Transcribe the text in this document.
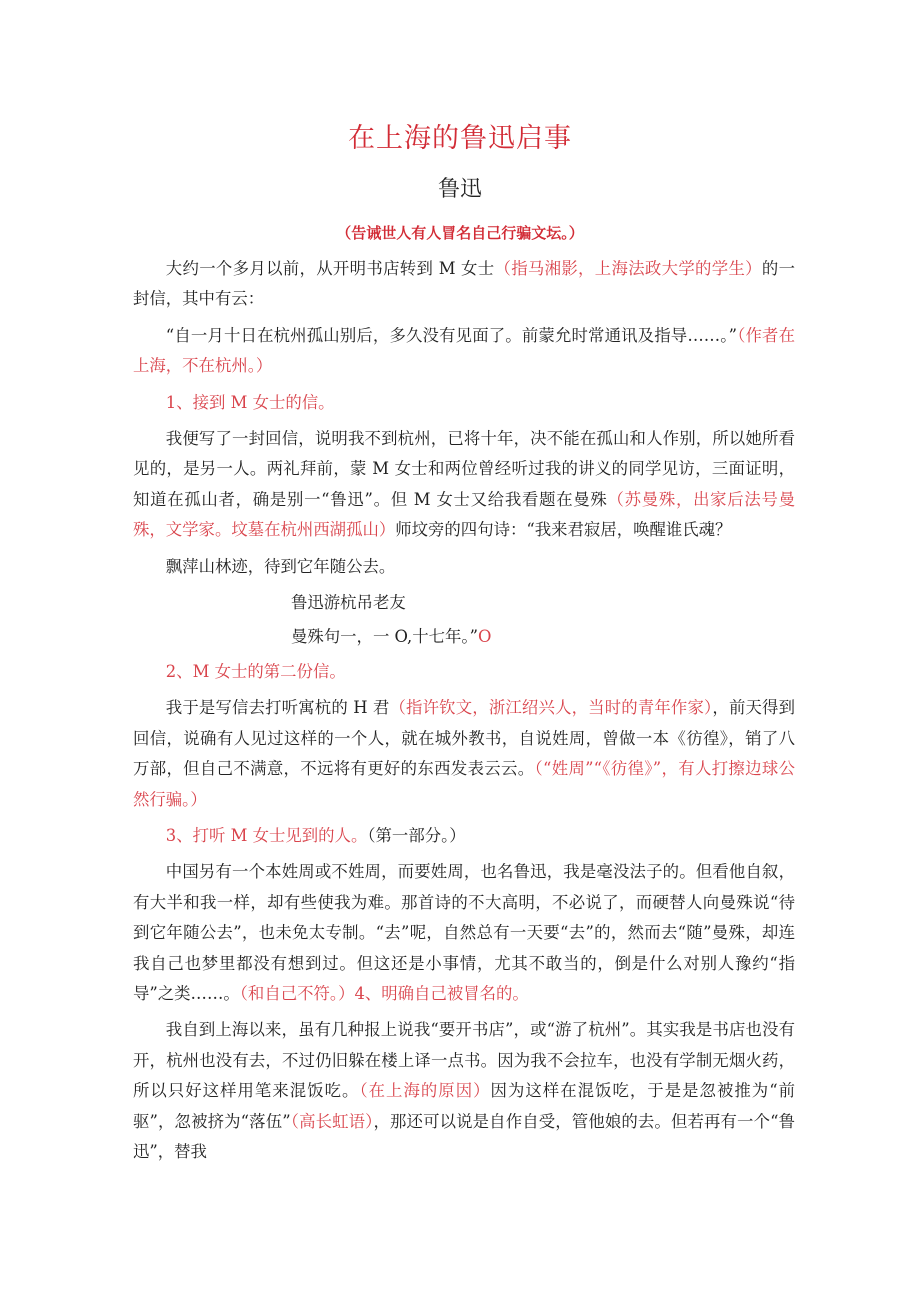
在上海的鲁迅启事
鲁迅
（告诫世人有人冒名自己行骗文坛。）

大约一个多月以前，从开明书店转到 M 女士（指马湘影，上海法政大学的学生）的一封信，其中有云：

“自一月十日在杭州孤山别后，多久没有见面了。前蒙允时常通讯及指导……。”（作者在上海，不在杭州。）

1、接到 M 女士的信。

我便写了一封回信，说明我不到杭州，已将十年，决不能在孤山和人作别，所以她所看见的，是另一人。两礼拜前，蒙 M 女士和两位曾经听过我的讲义的同学见访，三面证明，知道在孤山者，确是别一“鲁迅”。但 M 女士又给我看题在曼殊（苏曼殊，出家后法号曼殊，文学家。坟墓在杭州西湖孤山）师坟旁的四句诗：“我来君寂居，唤醒谁氏魂？

飘萍山林迹，待到它年随公去。

鲁迅游杭吊老友

曼殊句一，一 O,十七年。”O

2、M 女士的第二份信。

我于是写信去打听寓杭的 H 君（指许钦文，浙江绍兴人，当时的青年作家），前天得到回信，说确有人见过这样的一个人，就在城外教书，自说姓周，曾做一本《彷徨》，销了八万部，但自己不满意，不远将有更好的东西发表云云。（“姓周”“《彷徨》”，有人打擦边球公然行骗。）

3、打听 M 女士见到的人。（第一部分。）

中国另有一个本姓周或不姓周，而要姓周，也名鲁迅，我是毫没法子的。但看他自叙，有大半和我一样，却有些使我为难。那首诗的不大高明，不必说了，而硬替人向曼殊说“待到它年随公去”，也未免太专制。“去”呢，自然总有一天要“去”的，然而去“随”曼殊，却连我自己也梦里都没有想到过。但这还是小事情，尤其不敢当的，倒是什么对别人豫约“指导”之类……。（和自己不符。）4、明确自己被冒名的。

我自到上海以来，虽有几种报上说我“要开书店”，或“游了杭州”。其实我是书店也没有开，杭州也没有去，不过仍旧躲在楼上译一点书。因为我不会拉车，也没有学制无烟火药，所以只好这样用笔来混饭吃。（在上海的原因）因为这样在混饭吃，于是是忽被推为“前驱”，忽被挤为“落伍”（高长虹语），那还可以说是自作自受，管他娘的去。但若再有一个“鲁迅”，替我
